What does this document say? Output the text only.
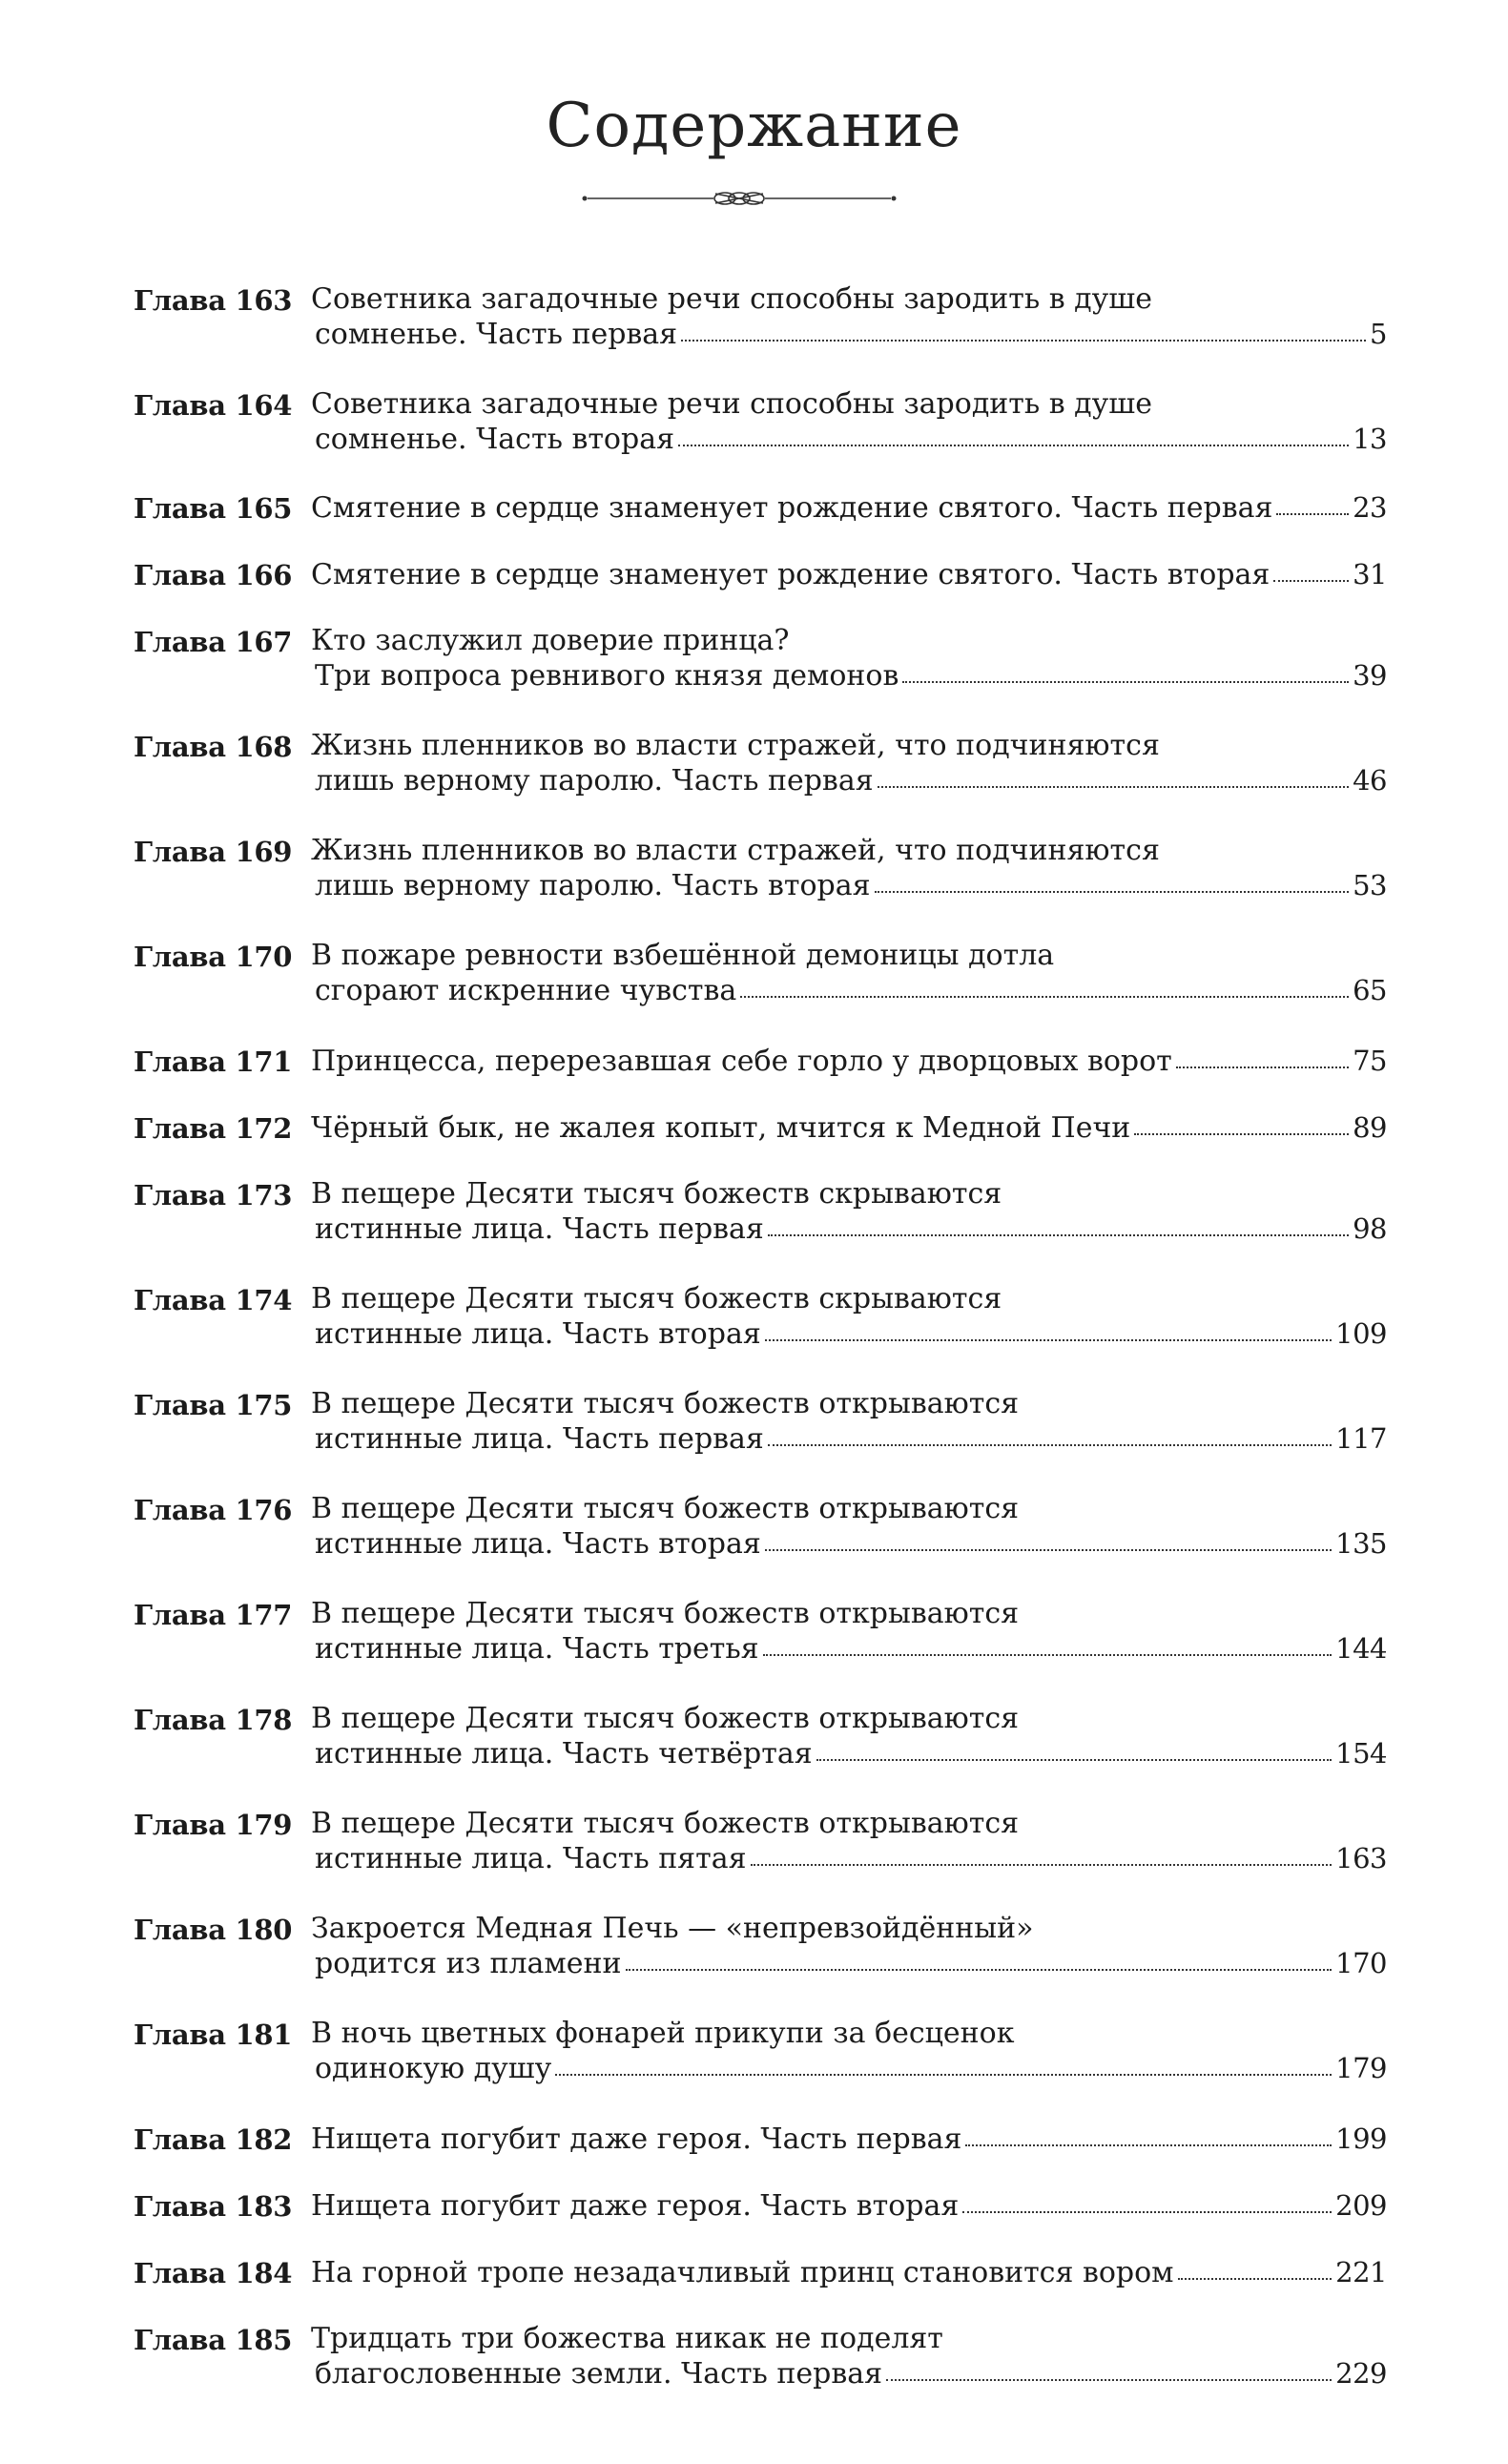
Содержание
Глава 163 Советника загадочные речи способны зародить в душе
сомненье. Часть первая	5
Глава 164 Советника загадочные речи способны зародить в душе
сомненье. Часть вторая	13
Глава 165 Смятение в сердце знаменует рождение святого. Часть первая	23
Глава 166 Смятение в сердце знаменует рождение святого. Часть вторая	31
Глава 167 Кто заслужил доверие принца?
Три вопроса ревнивого князя демонов	39
Глава 168 Жизнь пленников во власти стражей, что подчиняются
лишь верному паролю. Часть первая	46
Глава 169 Жизнь пленников во власти стражей, что подчиняются
лишь верному паролю. Часть вторая	53
Глава 170 В пожаре ревности взбешённой демоницы дотла
сгорают искренние чувства	65
Глава 171 Принцесса, перерезавшая себе горло у дворцовых ворот	75
Глава 172 Чёрный бык, не жалея копыт, мчится к Медной Печи	89
Глава 173 В пещере Десяти тысяч божеств скрываются
истинные лица. Часть первая	98
Глава 174 В пещере Десяти тысяч божеств скрываются
истинные лица. Часть вторая	109
Глава 175 В пещере Десяти тысяч божеств открываются
истинные лица. Часть первая	117
Глава 176 В пещере Десяти тысяч божеств открываются
истинные лица. Часть вторая	135
Глава 177 В пещере Десяти тысяч божеств открываются
истинные лица. Часть третья	144
Глава 178 В пещере Десяти тысяч божеств открываются
истинные лица. Часть четвёртая	154
Глава 179 В пещере Десяти тысяч божеств открываются
истинные лица. Часть пятая	163
Глава 180 Закроется Медная Печь — «непревзойдённый»
родится из пламени	170
Глава 181 В ночь цветных фонарей прикупи за бесценок
одинокую душу	179
Глава 182 Нищета погубит даже героя. Часть первая	199
Глава 183 Нищета погубит даже героя. Часть вторая	209
Глава 184 На горной тропе незадачливый принц становится вором	221
Глава 185 Тридцать три божества никак не поделят
благословенные земли. Часть первая	229
